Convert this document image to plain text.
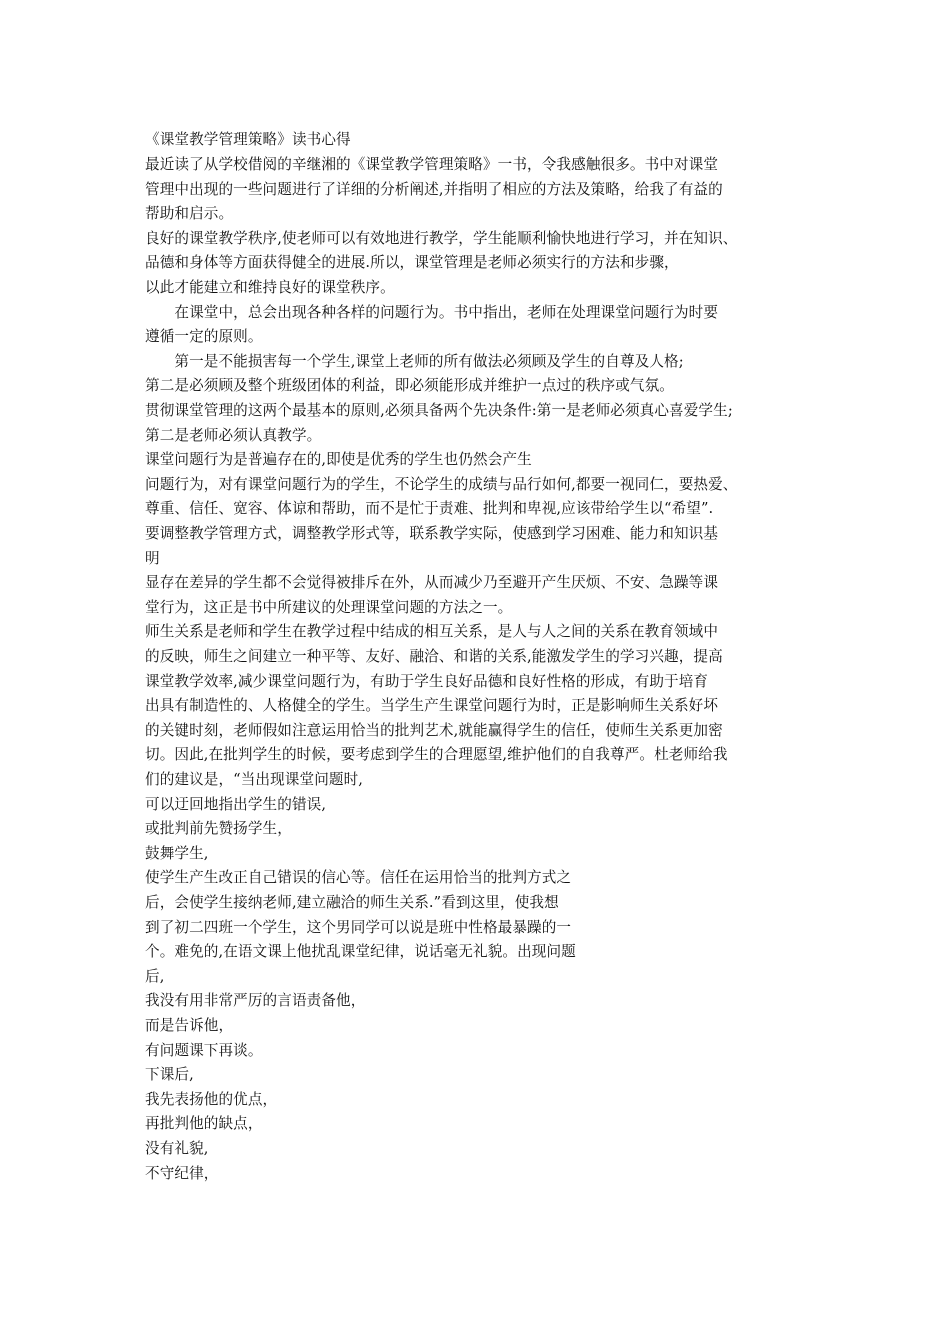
《课堂教学管理策略》读书心得
最近读了从学校借阅的辛继湘的《课堂教学管理策略》一书，令我感触很多。书中对课堂
管理中出现的一些问题进行了详细的分析阐述,并指明了相应的方法及策略，给我了有益的
帮助和启示。
良好的课堂教学秩序,使老师可以有效地进行教学，学生能顺利愉快地进行学习，并在知识、
品德和身体等方面获得健全的进展.所以，课堂管理是老师必须实行的方法和步骤，
以此才能建立和维持良好的课堂秩序。
　　在课堂中，总会出现各种各样的问题行为。书中指出，老师在处理课堂问题行为时要
遵循一定的原则。
　　第一是不能损害每一个学生,课堂上老师的所有做法必须顾及学生的自尊及人格;
第二是必须顾及整个班级团体的利益，即必须能形成并维护一点过的秩序或气氛。
贯彻课堂管理的这两个最基本的原则,必须具备两个先决条件:第一是老师必须真心喜爱学生;
第二是老师必须认真教学。
课堂问题行为是普遍存在的,即使是优秀的学生也仍然会产生
问题行为，对有课堂问题行为的学生，不论学生的成绩与品行如何,都要一视同仁，要热爱、
尊重、信任、宽容、体谅和帮助，而不是忙于责难、批判和卑视,应该带给学生以“希望”.
要调整教学管理方式，调整教学形式等，联系教学实际，使感到学习困难、能力和知识基
明
显存在差异的学生都不会觉得被排斥在外，从而减少乃至避开产生厌烦、不安、急躁等课
堂行为，这正是书中所建议的处理课堂问题的方法之一。
师生关系是老师和学生在教学过程中结成的相互关系，是人与人之间的关系在教育领域中
的反映，师生之间建立一种平等、友好、融洽、和谐的关系,能激发学生的学习兴趣，提高
课堂教学效率,减少课堂问题行为，有助于学生良好品德和良好性格的形成，有助于培育
出具有制造性的、人格健全的学生。当学生产生课堂问题行为时，正是影响师生关系好坏
的关键时刻，老师假如注意运用恰当的批判艺术,就能赢得学生的信任，使师生关系更加密
切。因此,在批判学生的时候，要考虑到学生的合理愿望,维护他们的自我尊严。杜老师给我
们的建议是，“当出现课堂问题时,
可以迂回地指出学生的错误,
或批判前先赞扬学生，
鼓舞学生,
使学生产生改正自己错误的信心等。信任在运用恰当的批判方式之
后，会使学生接纳老师,建立融洽的师生关系.”看到这里，使我想
到了初二四班一个学生，这个男同学可以说是班中性格最暴躁的一
个。难免的,在语文课上他扰乱课堂纪律，说话毫无礼貌。出现问题
后,
我没有用非常严厉的言语责备他，
而是告诉他，
有问题课下再谈。
下课后,
我先表扬他的优点，
再批判他的缺点，
没有礼貌,
不守纪律，
